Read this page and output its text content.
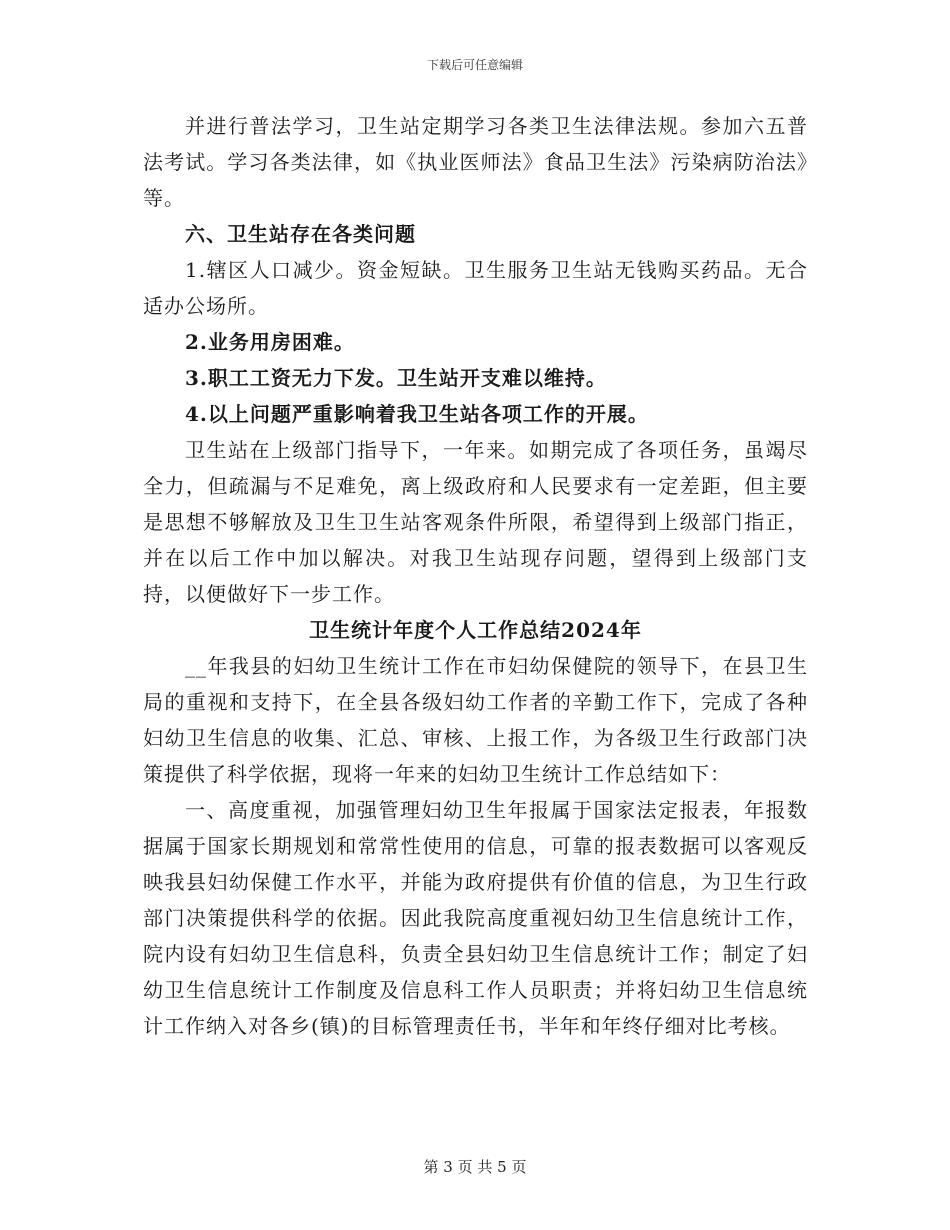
下载后可任意编辑

并进行普法学习，卫生站定期学习各类卫生法律法规。参加六五普法考试。学习各类法律，如《执业医师法》食品卫生法》污染病防治法》等。

六、卫生站存在各类问题

1.辖区人口减少。资金短缺。卫生服务卫生站无钱购买药品。无合适办公场所。

2.业务用房困难。

3.职工工资无力下发。卫生站开支难以维持。

4.以上问题严重影响着我卫生站各项工作的开展。

卫生站在上级部门指导下，一年来。如期完成了各项任务，虽竭尽全力，但疏漏与不足难免，离上级政府和人民要求有一定差距，但主要是思想不够解放及卫生卫生站客观条件所限，希望得到上级部门指正，并在以后工作中加以解决。对我卫生站现存问题，望得到上级部门支持，以便做好下一步工作。

卫生统计年度个人工作总结2024年

__年我县的妇幼卫生统计工作在市妇幼保健院的领导下，在县卫生局的重视和支持下，在全县各级妇幼工作者的辛勤工作下，完成了各种妇幼卫生信息的收集、汇总、审核、上报工作，为各级卫生行政部门决策提供了科学依据，现将一年来的妇幼卫生统计工作总结如下：

一、高度重视，加强管理妇幼卫生年报属于国家法定报表，年报数据属于国家长期规划和常常性使用的信息，可靠的报表数据可以客观反映我县妇幼保健工作水平，并能为政府提供有价值的信息，为卫生行政部门决策提供科学的依据。因此我院高度重视妇幼卫生信息统计工作，院内设有妇幼卫生信息科，负责全县妇幼卫生信息统计工作；制定了妇幼卫生信息统计工作制度及信息科工作人员职责；并将妇幼卫生信息统计工作纳入对各乡(镇)的目标管理责任书，半年和年终仔细对比考核。

第 3 页 共 5 页
